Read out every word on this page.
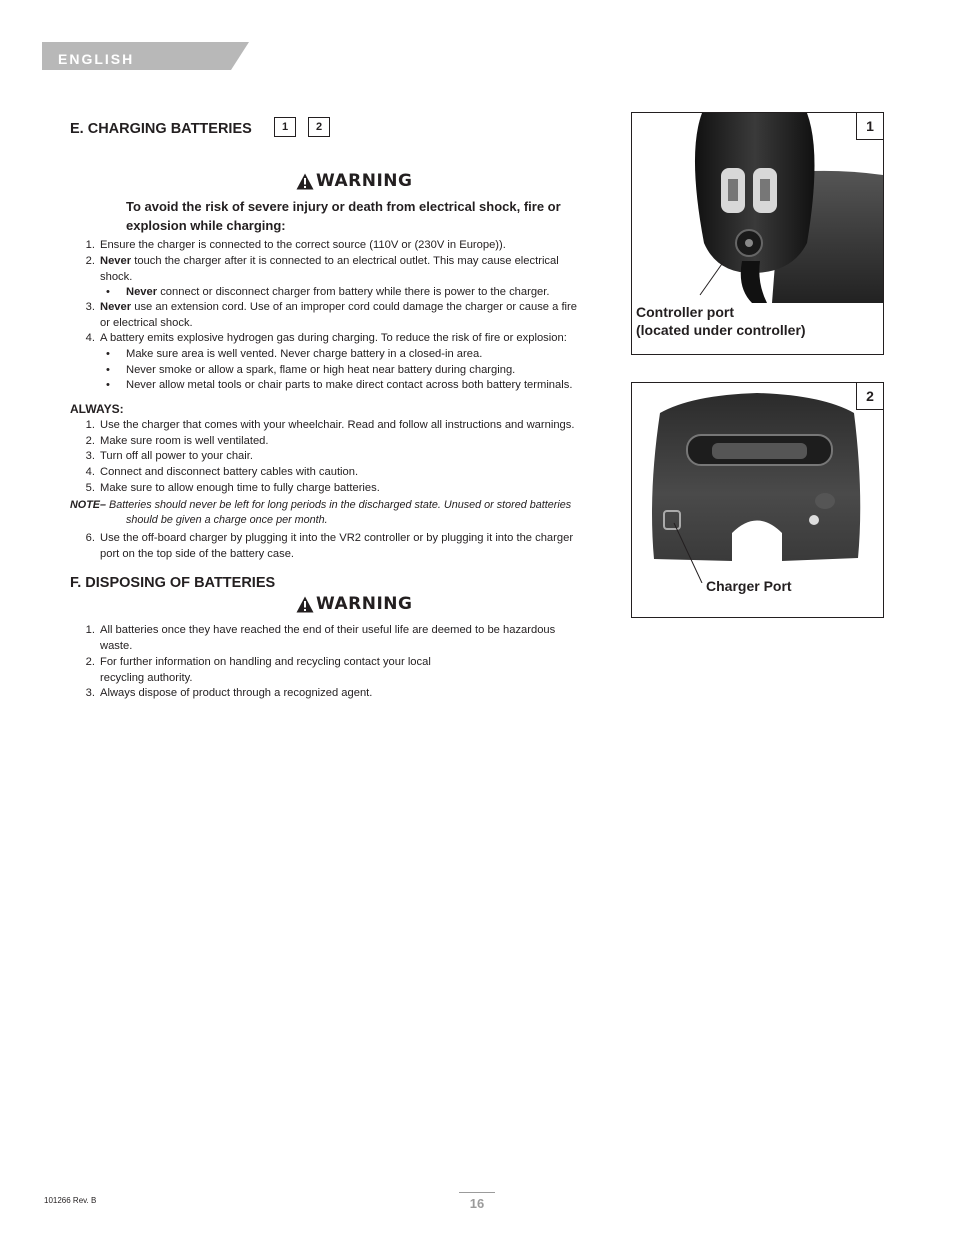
ENGLISH
E. CHARGING BATTERIES	1	2
WARNING
To avoid the risk of severe injury or death from electrical shock, fire or
explosion while charging:
1. Ensure the charger is connected to the correct source (110V or (230V in Europe)).
2. Never touch the charger after it is connected to an electrical outlet. This may cause electrical
shock.
• Never connect or disconnect charger from battery while there is power to the charger.
3. Never use an extension cord. Use of an improper cord could damage the charger or cause a fire
or electrical shock.
4. A battery emits explosive hydrogen gas during charging. To reduce the risk of fire or explosion:
• Make sure area is well vented. Never charge battery in a closed-in area.
• Never smoke or allow a spark, flame or high heat near battery during charging.
• Never allow metal tools or chair parts to make direct contact across both battery terminals.
ALWAYS:
1. Use the charger that comes with your wheelchair. Read and follow all instructions and warnings.
2. Make sure room is well ventilated.
3. Turn off all power to your chair.
4. Connect and disconnect battery cables with caution.
5. Make sure to allow enough time to fully charge batteries.
NOTE– Batteries should never be left for long periods in the discharged state. Unused or stored batteries
should be given a charge once per month.
6. Use the off-board charger by plugging it into the VR2 controller or by plugging it into the charger
port on the top side of the battery case.
F. DISPOSING OF BATTERIES
WARNING
1. All batteries once they have reached the end of their useful life are deemed to be hazardous
waste.
2. For further information on handling and recycling contact your local
recycling authority.
3. Always dispose of product through a recognized agent.
1
Controller port
(located under controller)
2
Charger Port
101266 Rev. B	16
